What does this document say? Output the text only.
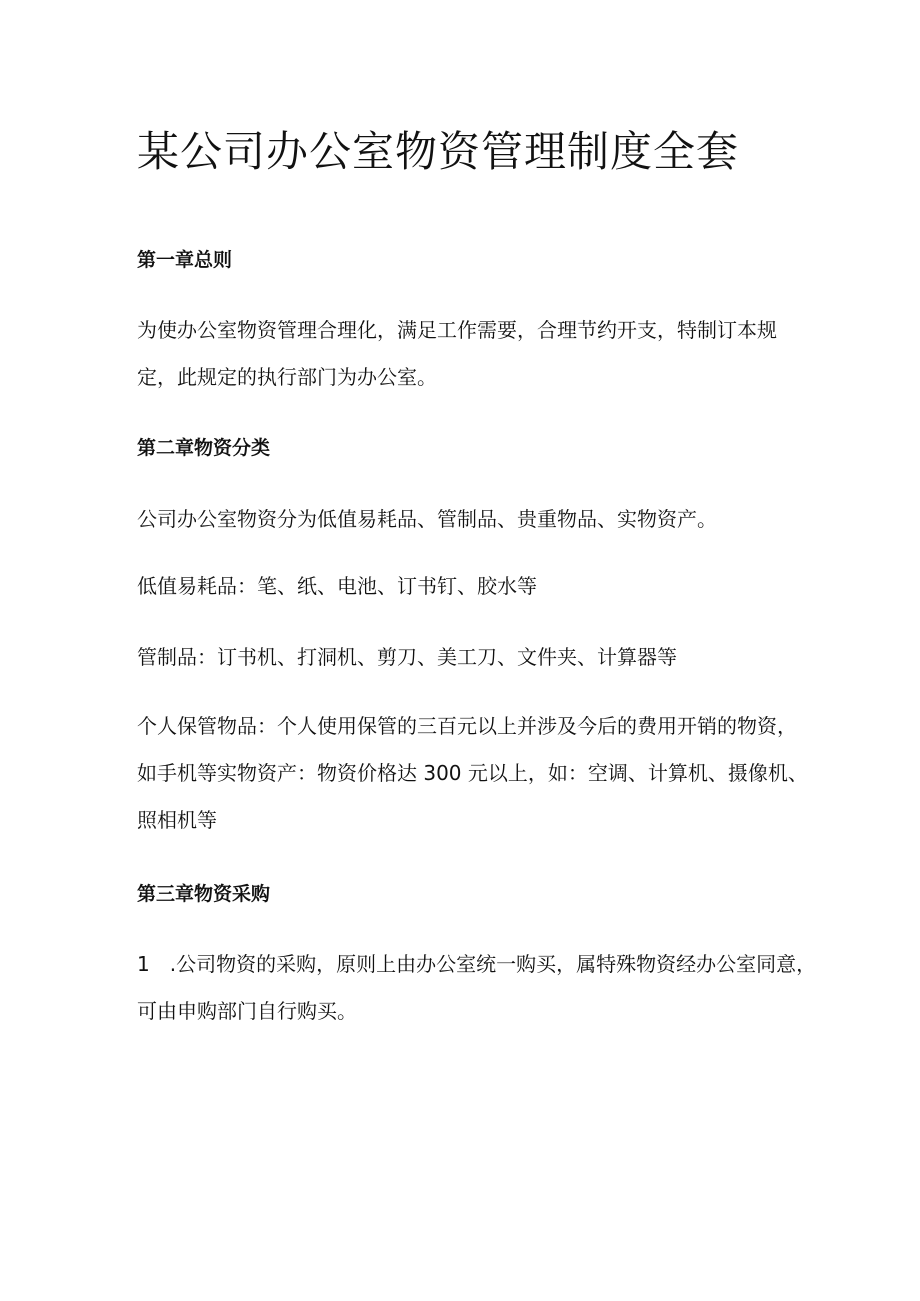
某公司办公室物资管理制度全套
第一章总则

为使办公室物资管理合理化，满足工作需要，合理节约开支，特制订本规
定，此规定的执行部门为办公室。

第二章物资分类

公司办公室物资分为低值易耗品、管制品、贵重物品、实物资产。

低值易耗品：笔、纸、电池、订书钉、胶水等

管制品：订书机、打洞机、剪刀、美工刀、文件夹、计算器等

个人保管物品：个人使用保管的三百元以上并涉及今后的费用开销的物资，
如手机等实物资产：物资价格达 300 元以上，如：空调、计算机、摄像机、
照相机等

第三章物资采购

1　.公司物资的采购，原则上由办公室统一购买，属特殊物资经办公室同意，
可由申购部门自行购买。
